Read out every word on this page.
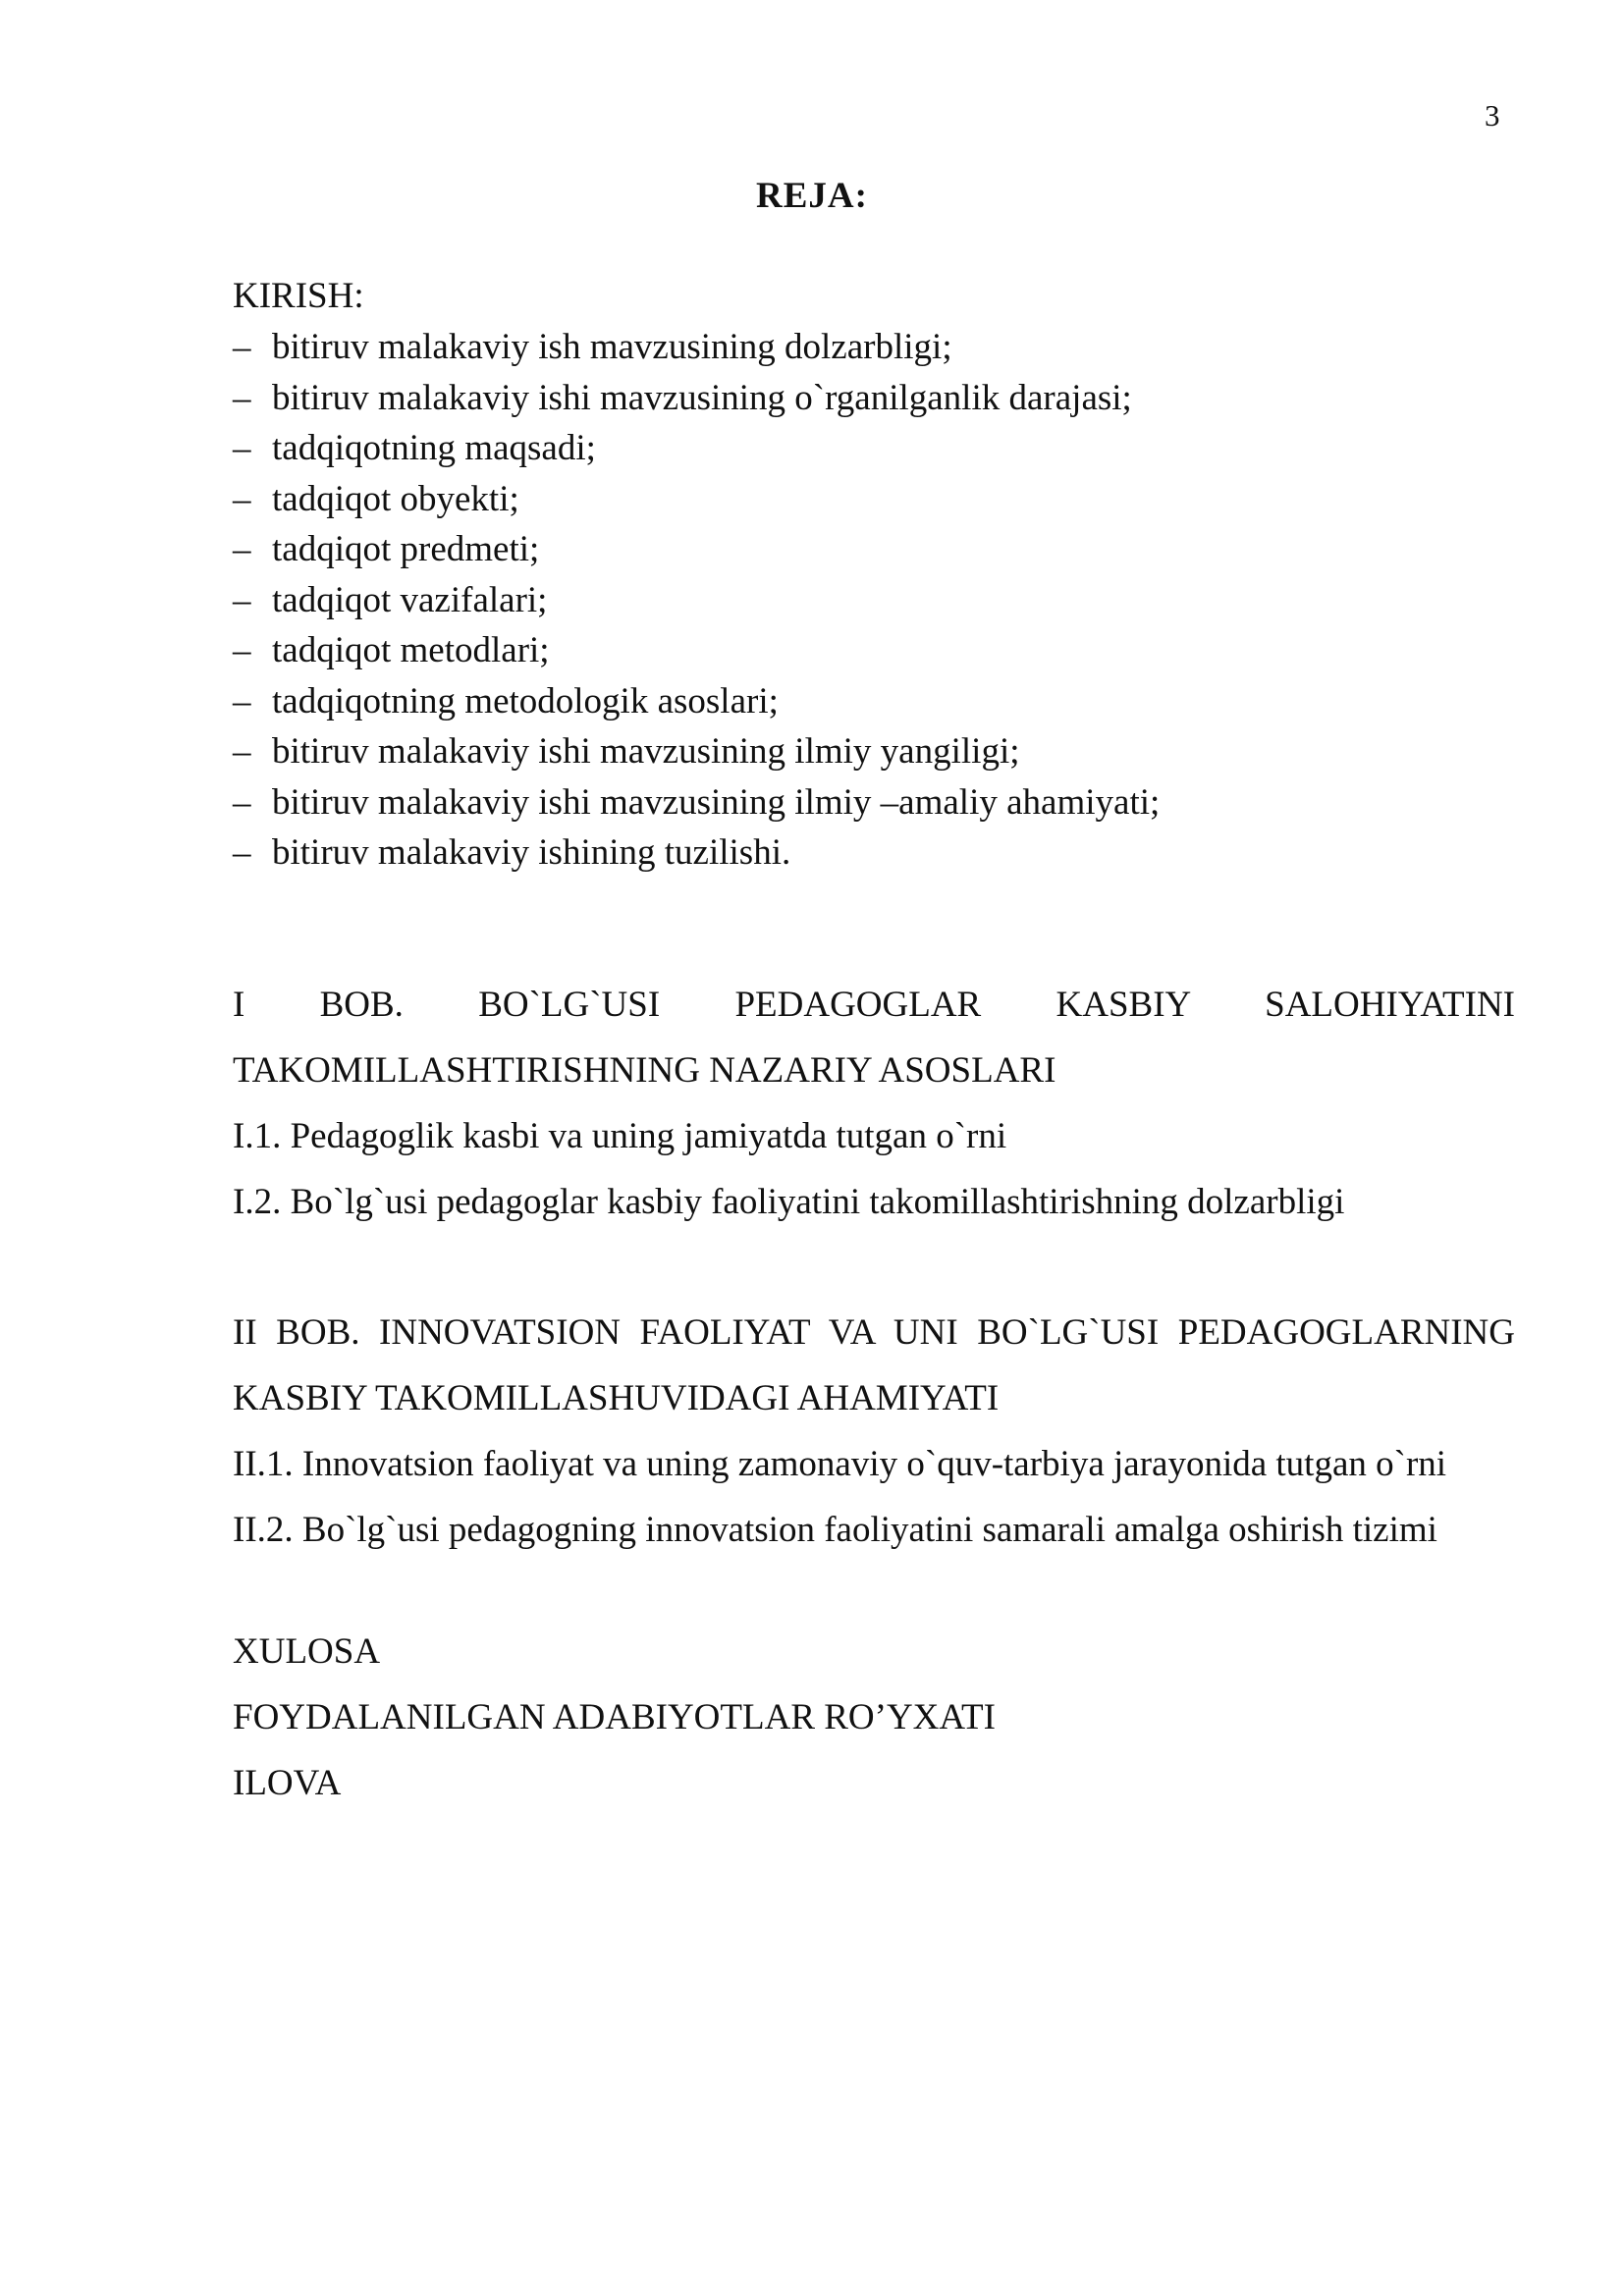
3
REJA:
KIRISH:
– bitiruv malakaviy ish mavzusining dolzarbligi;
– bitiruv malakaviy ishi mavzusining o`rganilganlik darajasi;
– tadqiqotning maqsadi;
– tadqiqot obyekti;
– tadqiqot predmeti;
– tadqiqot vazifalari;
– tadqiqot metodlari;
– tadqiqotning metodologik asoslari;
– bitiruv malakaviy ishi mavzusining ilmiy yangiligi;
– bitiruv malakaviy ishi mavzusining ilmiy –amaliy ahamiyati;
– bitiruv malakaviy ishining tuzilishi.
I BOB. BO`LG`USI PEDAGOGLAR KASBIY SALOHIYATINI TAKOMILLASHTIRISHNING NAZARIY ASOSLARI
I.1. Pedagoglik kasbi va uning jamiyatda tutgan o`rni
I.2. Bo`lg`usi pedagoglar kasbiy faoliyatini takomillashtirishning dolzarbligi
II BOB. INNOVATSION FAOLIYAT VA UNI BO`LG`USI PEDAGOGLARNING KASBIY TAKOMILLASHUVIDAGI AHAMIYATI
II.1. Innovatsion faoliyat va uning zamonaviy o`quv-tarbiya jarayonida tutgan o`rni
II.2. Bo`lg`usi pedagogning innovatsion faoliyatini samarali amalga oshirish tizimi
XULOSA
FOYDALANILGAN ADABIYOTLAR RO’YXATI
ILOVA
